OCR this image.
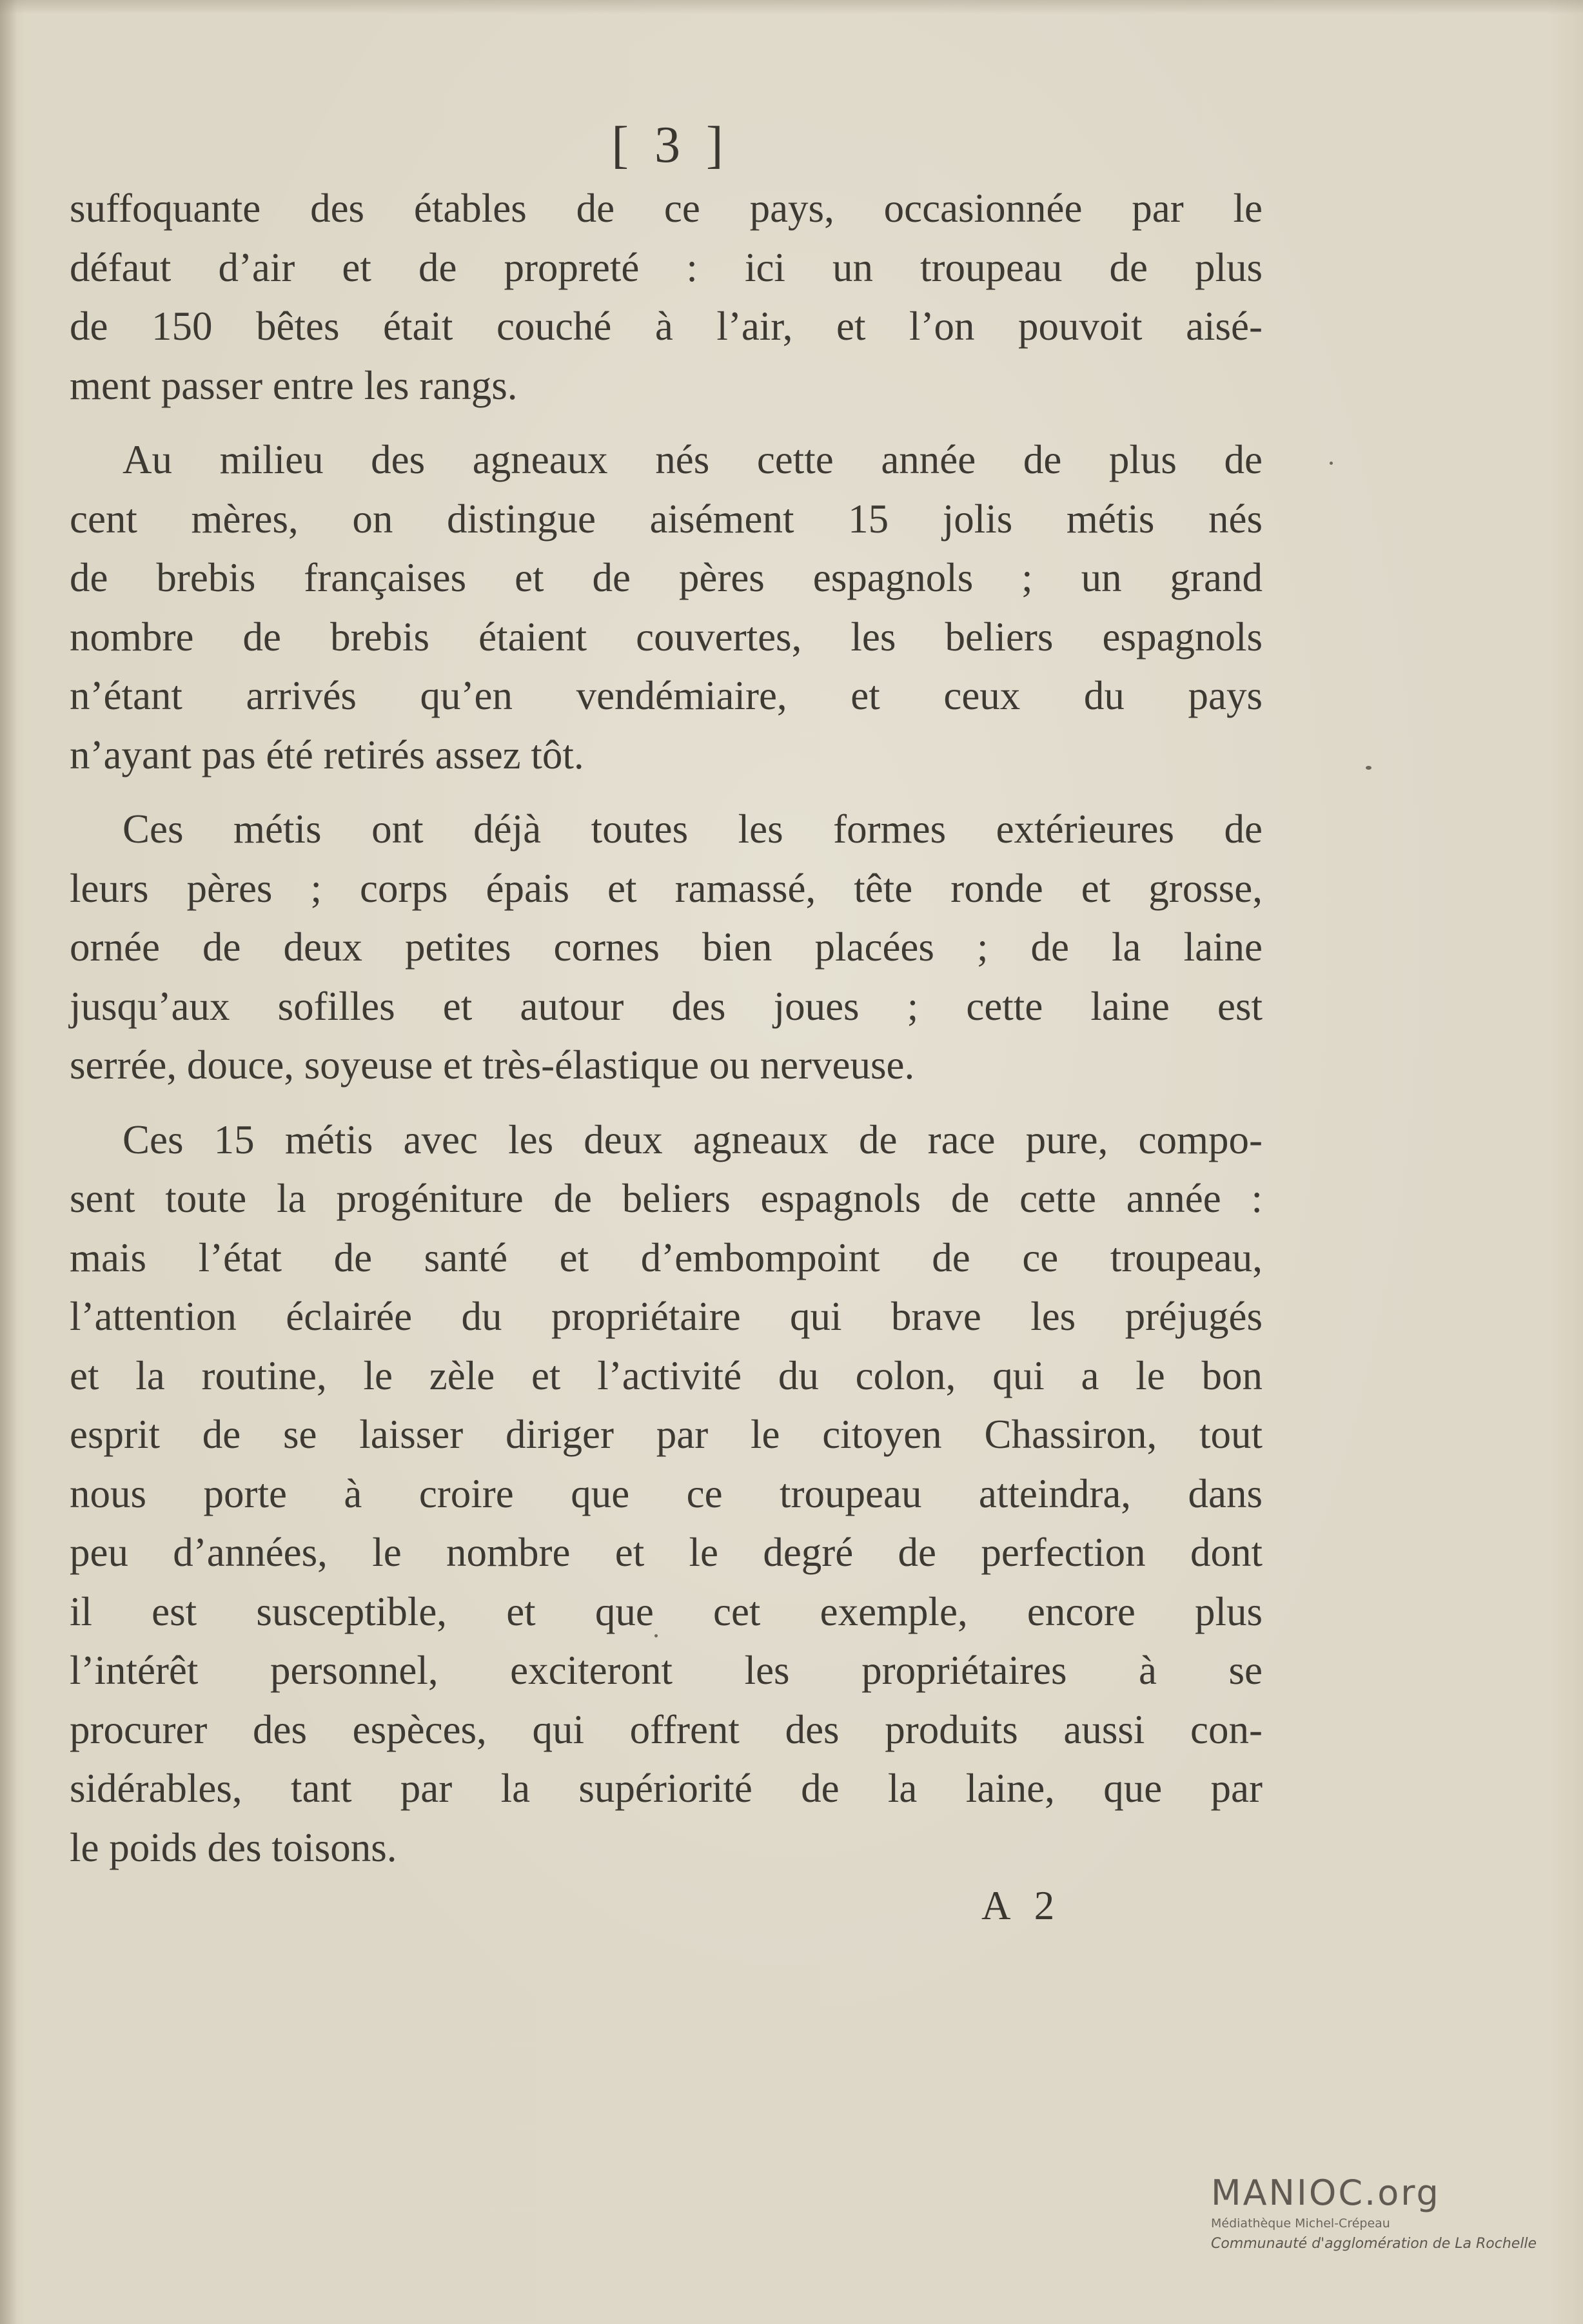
[ 3 ]
suffoquante des étables de ce pays, occasionnée par le
défaut d’air et de propreté : ici un troupeau de plus
de 150 bêtes était couché à l’air, et l’on pouvoit aisé-
ment passer entre les rangs.
Au milieu des agneaux nés cette année de plus de
cent mères, on distingue aisément 15 jolis métis nés
de brebis françaises et de pères espagnols ; un grand
nombre de brebis étaient couvertes, les beliers espagnols
n’étant arrivés qu’en vendémiaire, et ceux du pays
n’ayant pas été retirés assez tôt.
Ces métis ont déjà toutes les formes extérieures de
leurs pères ; corps épais et ramassé, tête ronde et grosse,
ornée de deux petites cornes bien placées ; de la laine
jusqu’aux sofilles et autour des joues ; cette laine est
serrée, douce, soyeuse et très-élastique ou nerveuse.
Ces 15 métis avec les deux agneaux de race pure, compo-
sent toute la progéniture de beliers espagnols de cette année :
mais l’état de santé et d’embompoint de ce troupeau,
l’attention éclairée du propriétaire qui brave les préjugés
et la routine, le zèle et l’activité du colon, qui a le bon
esprit de se laisser diriger par le citoyen Chassiron, tout
nous porte à croire que ce troupeau atteindra, dans
peu d’années, le nombre et le degré de perfection dont
il est susceptible, et que cet exemple, encore plus
l’intérêt personnel, exciteront les propriétaires à se
procurer des espèces, qui offrent des produits aussi con-
sidérables, tant par la supériorité de la laine, que par
le poids des toisons.
A 2
MANIOC.org
Médiathèque Michel-Crépeau
Communauté d'agglomération de La Rochelle
